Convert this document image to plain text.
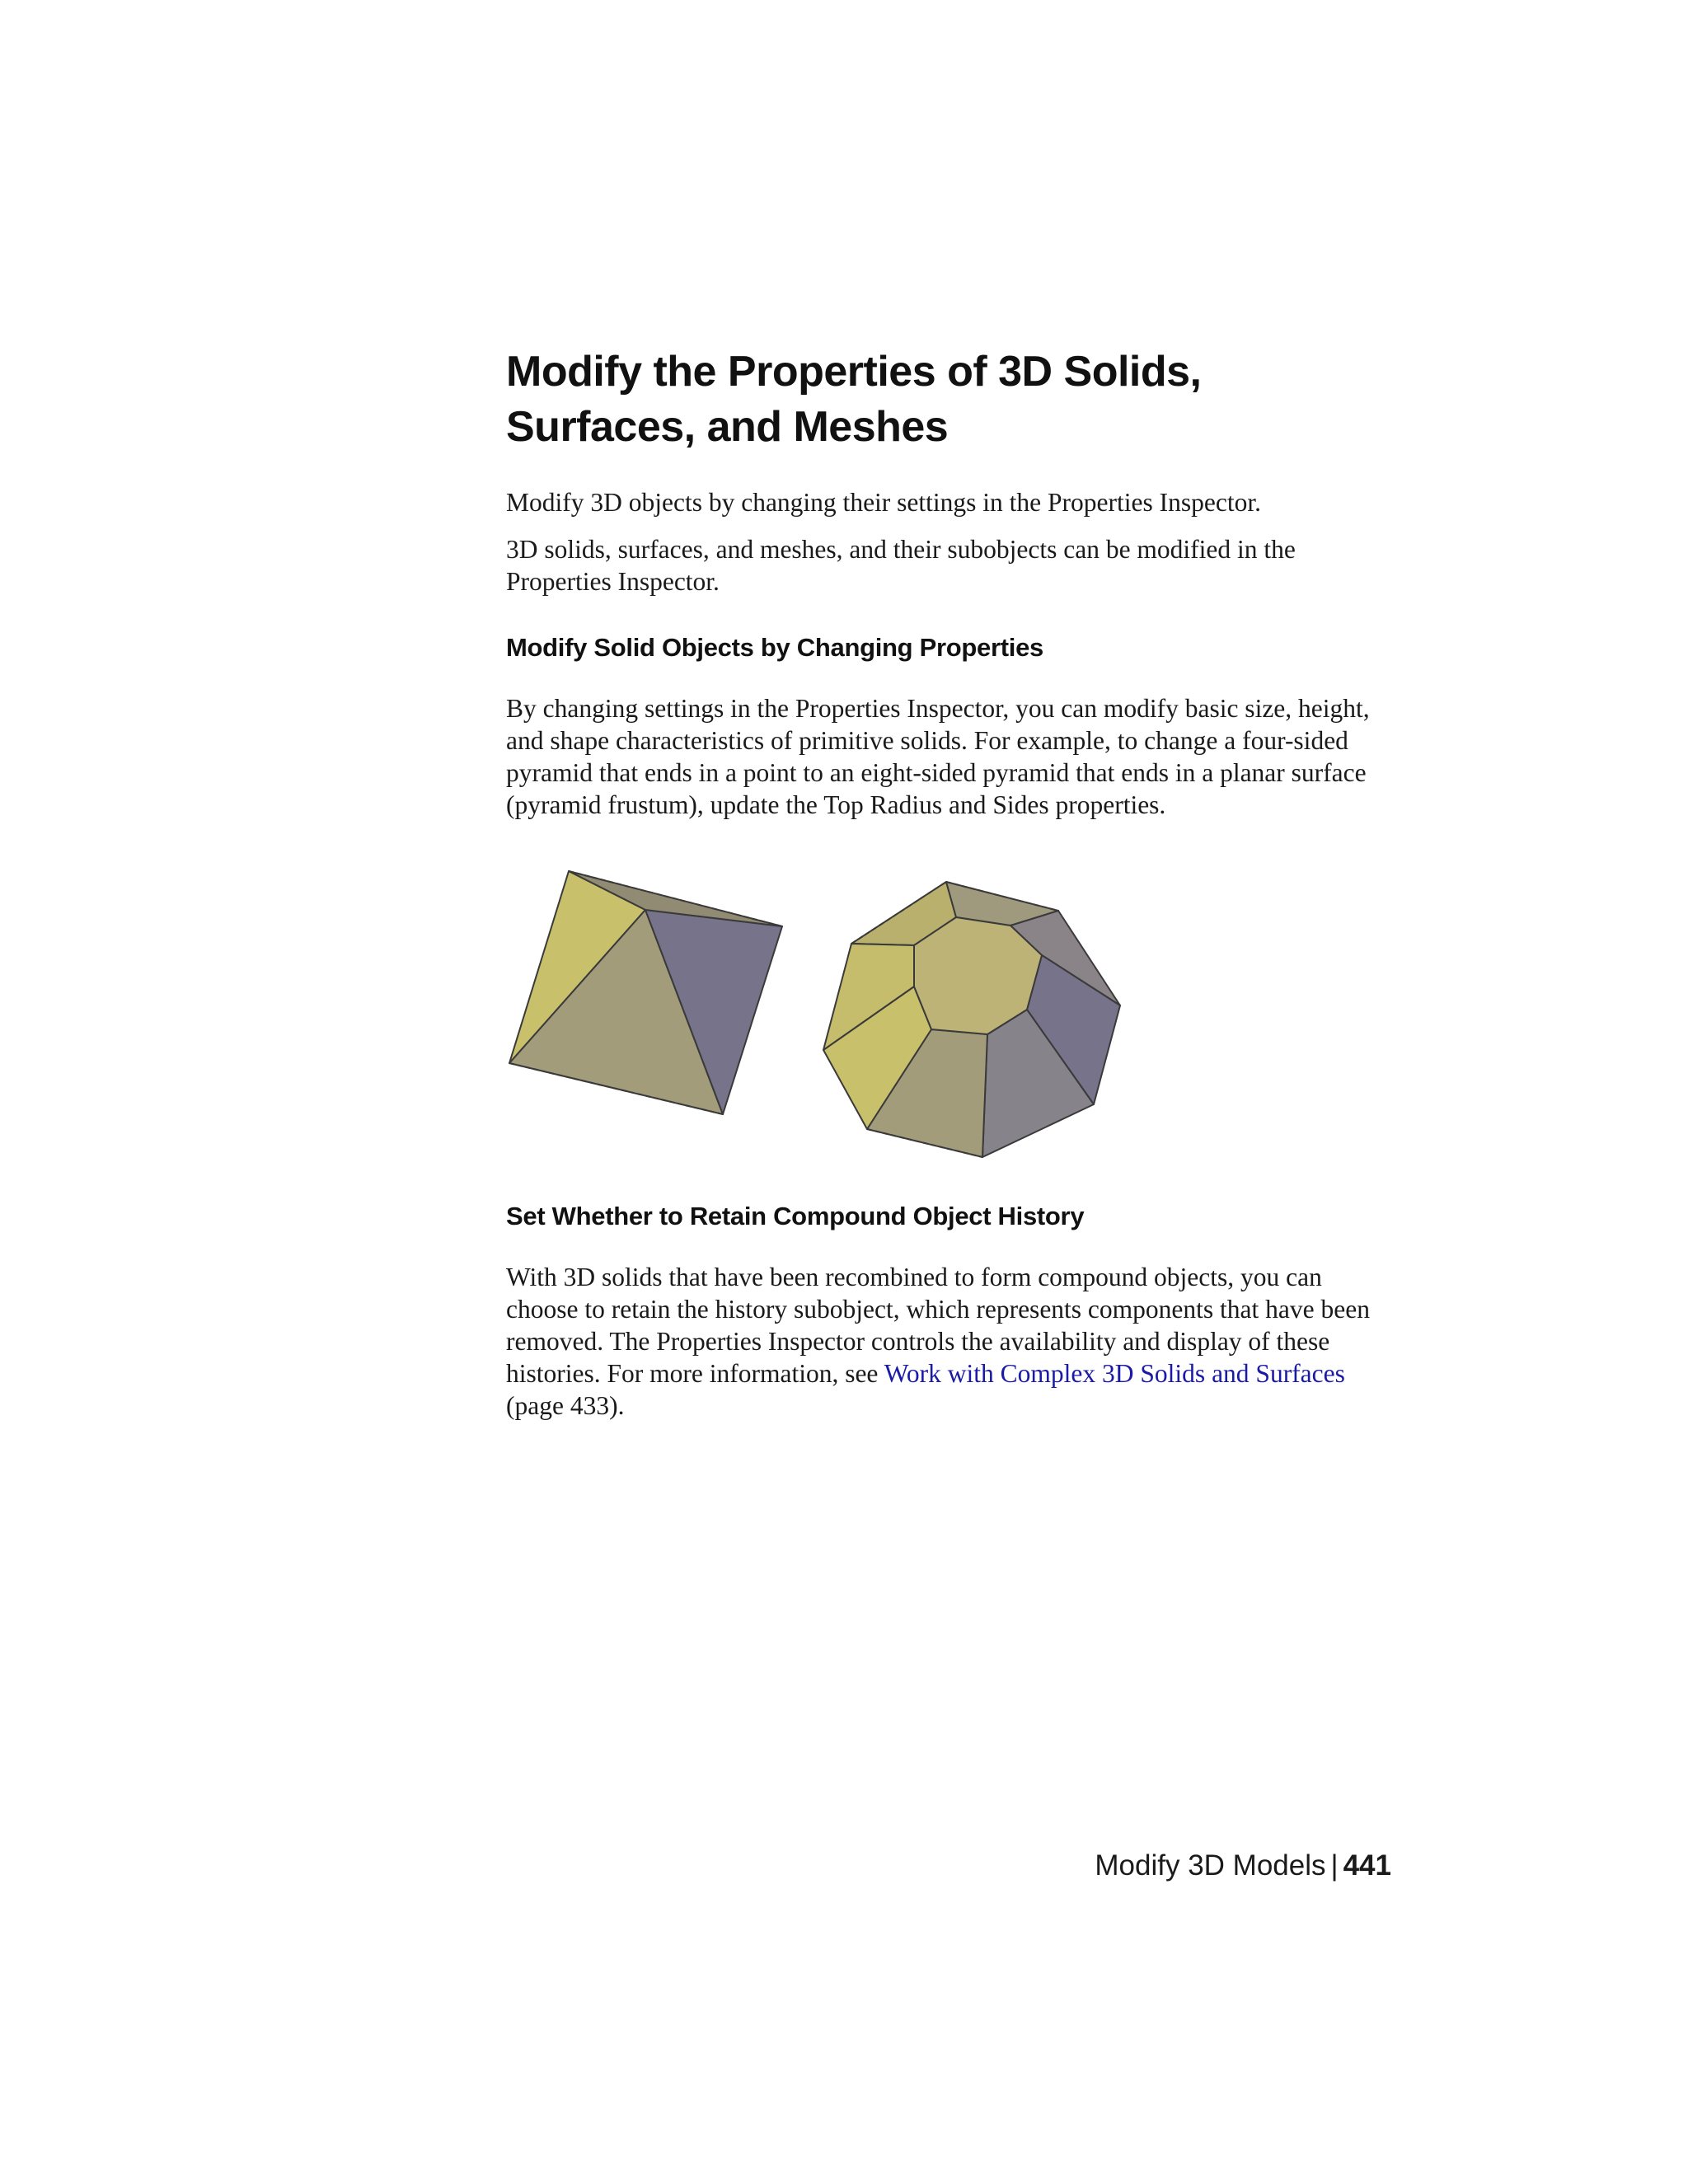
Modify the Properties of 3D Solids, Surfaces, and Meshes

Modify 3D objects by changing their settings in the Properties Inspector.

3D solids, surfaces, and meshes, and their subobjects can be modified in the Properties Inspector.

Modify Solid Objects by Changing Properties

By changing settings in the Properties Inspector, you can modify basic size, height, and shape characteristics of primitive solids. For example, to change a four-sided pyramid that ends in a point to an eight-sided pyramid that ends in a planar surface (pyramid frustum), update the Top Radius and Sides properties.

Set Whether to Retain Compound Object History

With 3D solids that have been recombined to form compound objects, you can choose to retain the history subobject, which represents components that have been removed. The Properties Inspector controls the availability and display of these histories. For more information, see Work with Complex 3D Solids and Surfaces (page 433).

Modify 3D Models | 441
